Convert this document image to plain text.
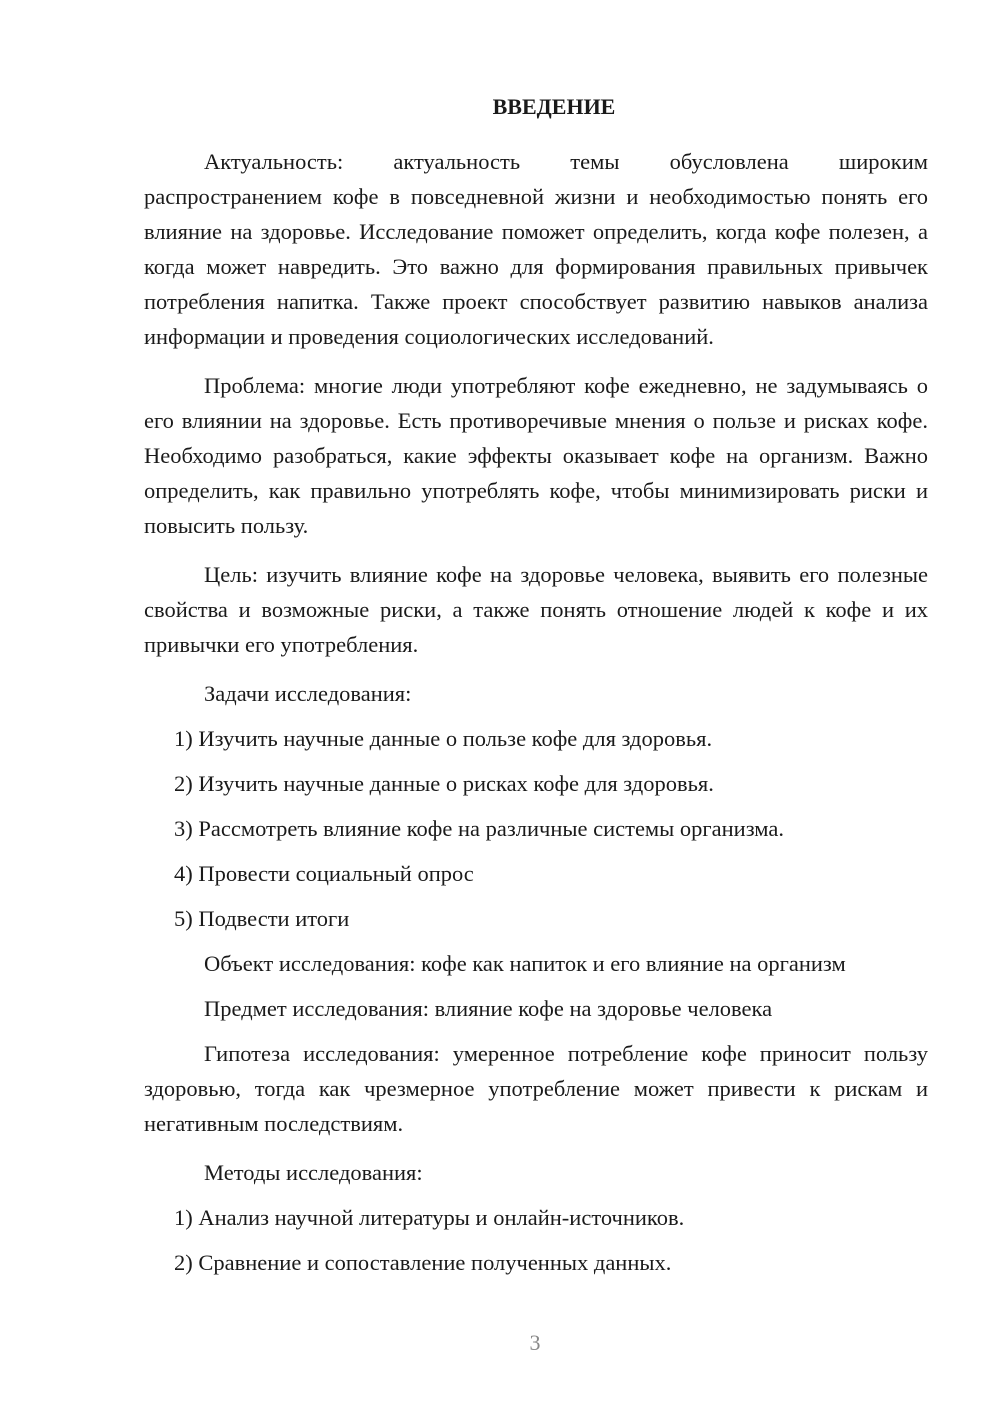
ВВЕДЕНИЕ

Актуальность: актуальность темы обусловлена широким распространением кофе в повседневной жизни и необходимостью понять его влияние на здоровье. Исследование поможет определить, когда кофе полезен, а когда может навредить. Это важно для формирования правильных привычек потребления напитка. Также проект способствует развитию навыков анализа информации и проведения социологических исследований.

Проблема: многие люди употребляют кофе ежедневно, не задумываясь о его влиянии на здоровье. Есть противоречивые мнения о пользе и рисках кофе. Необходимо разобраться, какие эффекты оказывает кофе на организм. Важно определить, как правильно употреблять кофе, чтобы минимизировать риски и повысить пользу.

Цель: изучить влияние кофе на здоровье человека, выявить его полезные свойства и возможные риски, а также понять отношение людей к кофе и их привычки его употребления.

Задачи исследования:

1) Изучить научные данные о пользе кофе для здоровья.

2) Изучить научные данные о рисках кофе для здоровья.

3) Рассмотреть влияние кофе на различные системы организма.

4) Провести социальный опрос

5) Подвести итоги

Объект исследования: кофе как напиток и его влияние на организм

Предмет исследования: влияние кофе на здоровье человека

Гипотеза исследования: умеренное потребление кофе приносит пользу здоровью, тогда как чрезмерное употребление может привести к рискам и негативным последствиям.

Методы исследования:

1) Анализ научной литературы и онлайн-источников.

2) Сравнение и сопоставление полученных данных.

3
